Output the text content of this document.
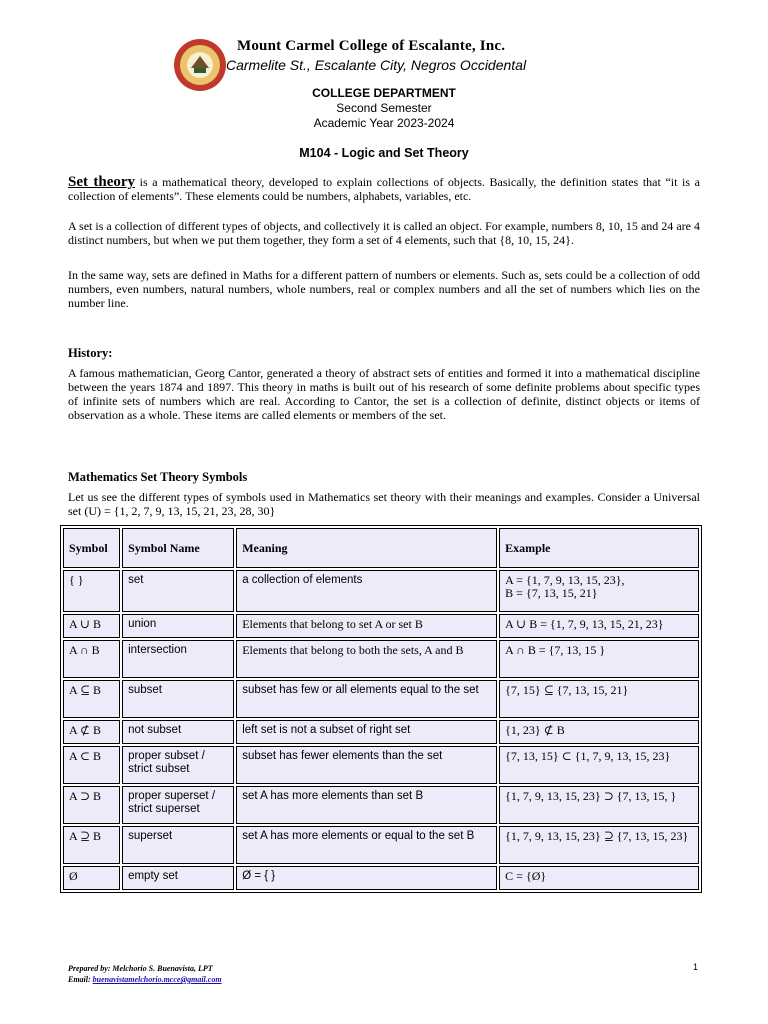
Mount Carmel College of Escalante, Inc.
Carmelite St., Escalante City, Negros Occidental
COLLEGE DEPARTMENT
Second Semester
Academic Year 2023-2024
M104 - Logic and Set Theory
Set theory is a mathematical theory, developed to explain collections of objects. Basically, the definition states that “it is a collection of elements”. These elements could be numbers, alphabets, variables, etc.
A set is a collection of different types of objects, and collectively it is called an object. For example, numbers 8, 10, 15 and 24 are 4 distinct numbers, but when we put them together, they form a set of 4 elements, such that {8, 10, 15, 24}.
In the same way, sets are defined in Maths for a different pattern of numbers or elements. Such as, sets could be a collection of odd numbers, even numbers, natural numbers, whole numbers, real or complex numbers and all the set of numbers which lies on the number line.
History:
A famous mathematician, Georg Cantor, generated a theory of abstract sets of entities and formed it into a mathematical discipline between the years 1874 and 1897. This theory in maths is built out of his research of some definite problems about specific types of infinite sets of numbers which are real. According to Cantor, the set is a collection of definite, distinct objects or items of observation as a whole. These items are called elements or members of the set.
Mathematics Set Theory Symbols
Let us see the different types of symbols used in Mathematics set theory with their meanings and examples. Consider a Universal set (U) = {1, 2, 7, 9, 13, 15, 21, 23, 28, 30}
Symbol	Symbol Name	Meaning	Example
{ }	set	a collection of elements	A = {1, 7, 9, 13, 15, 23},
B = {7, 13, 15, 21}
A ∪ B	union	Elements that belong to set A or set B	A ∪ B = {1, 7, 9, 13, 15, 21, 23}
A ∩ B	intersection	Elements that belong to both the sets, A and B	A ∩ B = {7, 13, 15 }
A ⊆ B	subset	subset has few or all elements equal to the set	{7, 15} ⊆ {7, 13, 15, 21}
A ⊄ B	not subset	left set is not a subset of right set	{1, 23} ⊄ B
A ⊂ B	proper subset / strict subset	subset has fewer elements than the set	{7, 13, 15} ⊂ {1, 7, 9, 13, 15, 23}
A ⊃ B	proper superset / strict superset	set A has more elements than set B	{1, 7, 9, 13, 15, 23} ⊃ {7, 13, 15, }
A ⊇ B	superset	set A has more elements or equal to the set B	{1, 7, 9, 13, 15, 23} ⊇ {7, 13, 15, 23}
Ø	empty set	Ø = { }	C = {Ø}
Prepared by: Melchorio S. Buenavista, LPT
Email: buenavistamelchorio.mcce@gmail.com
1
